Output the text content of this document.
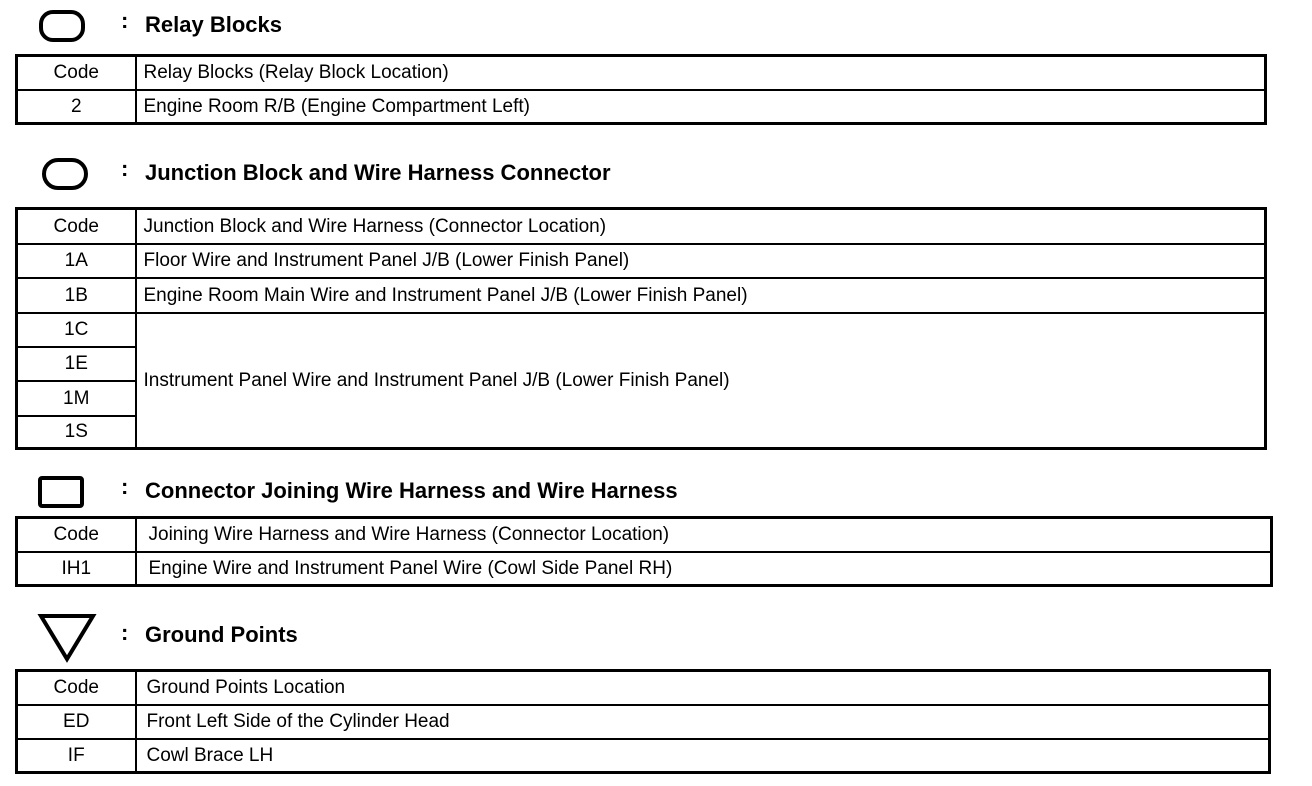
: Relay Blocks
Code	Relay Blocks (Relay Block Location)
2	Engine Room R/B (Engine Compartment Left)
: Junction Block and Wire Harness Connector
Code	Junction Block and Wire Harness (Connector Location)
1A	Floor Wire and Instrument Panel J/B (Lower Finish Panel)
1B	Engine Room Main Wire and Instrument Panel J/B (Lower Finish Panel)
1C	Instrument Panel Wire and Instrument Panel J/B (Lower Finish Panel)
1E	
1M	
1S	
: Connector Joining Wire Harness and Wire Harness
Code	Joining Wire Harness and Wire Harness (Connector Location)
IH1	Engine Wire and Instrument Panel Wire (Cowl Side Panel RH)
: Ground Points
Code	Ground Points Location
ED	Front Left Side of the Cylinder Head
IF	Cowl Brace LH
